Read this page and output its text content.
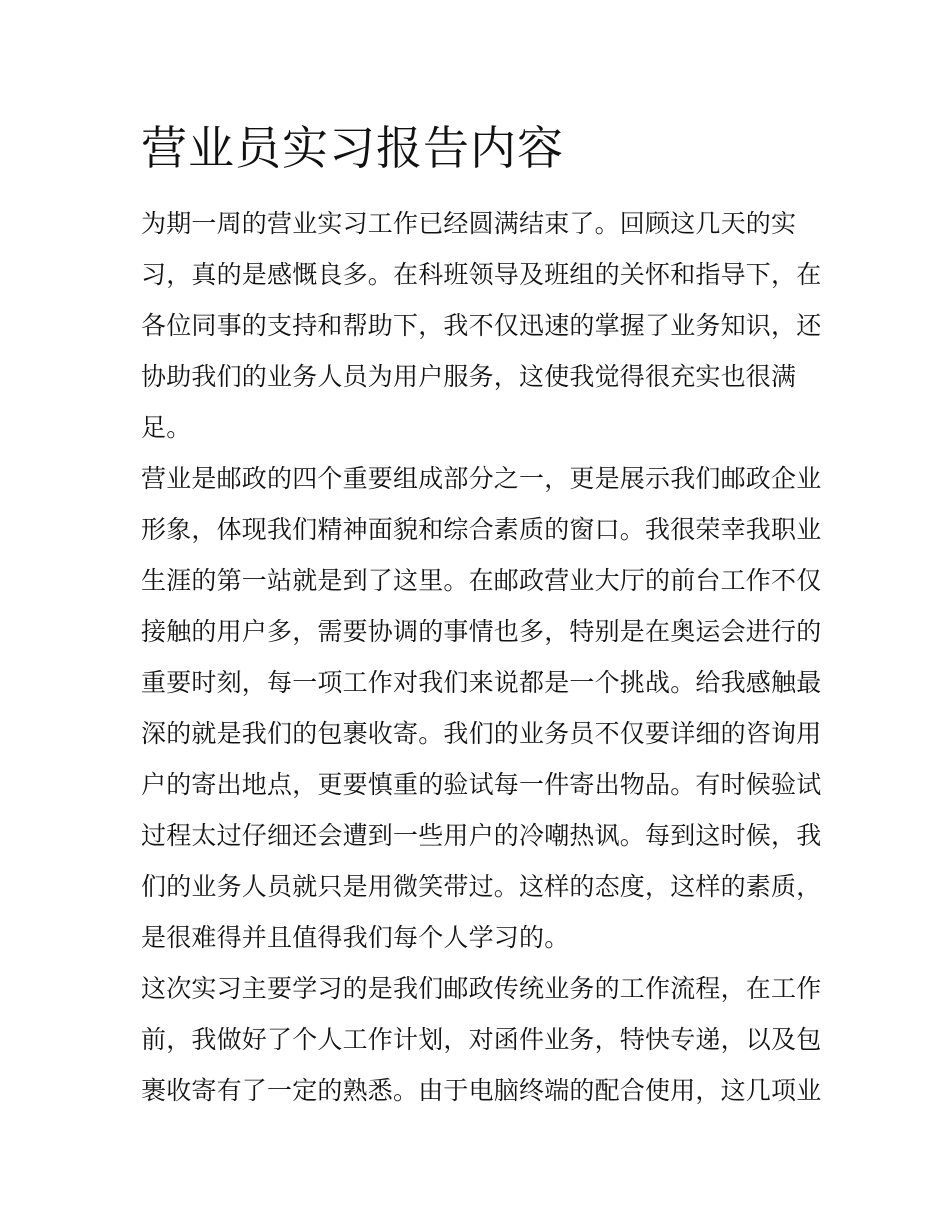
营业员实习报告内容
为期一周的营业实习工作已经圆满结束了。回顾这几天的实
习，真的是感慨良多。在科班领导及班组的关怀和指导下，在
各位同事的支持和帮助下，我不仅迅速的掌握了业务知识，还
协助我们的业务人员为用户服务，这使我觉得很充实也很满
足。
营业是邮政的四个重要组成部分之一，更是展示我们邮政企业
形象，体现我们精神面貌和综合素质的窗口。我很荣幸我职业
生涯的第一站就是到了这里。在邮政营业大厅的前台工作不仅
接触的用户多，需要协调的事情也多，特别是在奥运会进行的
重要时刻，每一项工作对我们来说都是一个挑战。给我感触最
深的就是我们的包裹收寄。我们的业务员不仅要详细的咨询用
户的寄出地点，更要慎重的验试每一件寄出物品。有时候验试
过程太过仔细还会遭到一些用户的冷嘲热讽。每到这时候，我
们的业务人员就只是用微笑带过。这样的态度，这样的素质，
是很难得并且值得我们每个人学习的。
这次实习主要学习的是我们邮政传统业务的工作流程，在工作
前，我做好了个人工作计划，对函件业务，特快专递，以及包
裹收寄有了一定的熟悉。由于电脑终端的配合使用，这几项业
